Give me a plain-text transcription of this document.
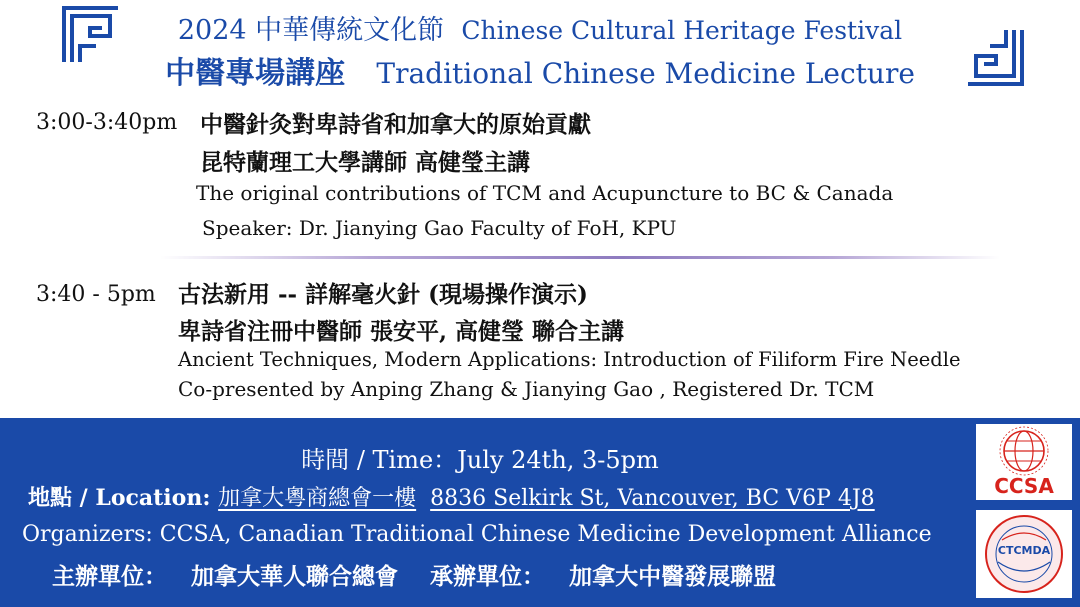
2024 中華傳統文化節 Chinese Cultural Heritage Festival
中醫專場講座 Traditional Chinese Medicine Lecture
3:00-3:40pm 中醫針灸對卑詩省和加拿大的原始貢獻
昆特蘭理工大學講師 高健瑩主講
The original contributions of TCM and Acupuncture to BC & Canada
Speaker: Dr. Jianying Gao Faculty of FoH, KPU
3:40 - 5pm 古法新用 -- 詳解毫火針 (現場操作演示)
卑詩省注冊中醫師 張安平, 高健瑩 聯合主講
Ancient Techniques, Modern Applications: Introduction of Filiform Fire Needle
Co-presented by Anping Zhang & Jianying Gao , Registered Dr. TCM
時間 / Time：July 24th, 3-5pm
地點 / Location: 加拿大粵商總會一樓 8836 Selkirk St, Vancouver, BC V6P 4J8
Organizers: CCSA, Canadian Traditional Chinese Medicine Development Alliance
主辦單位：   加拿大華人聯合總會    承辦單位：   加拿大中醫發展聯盟
CCSA
CTCMDA
